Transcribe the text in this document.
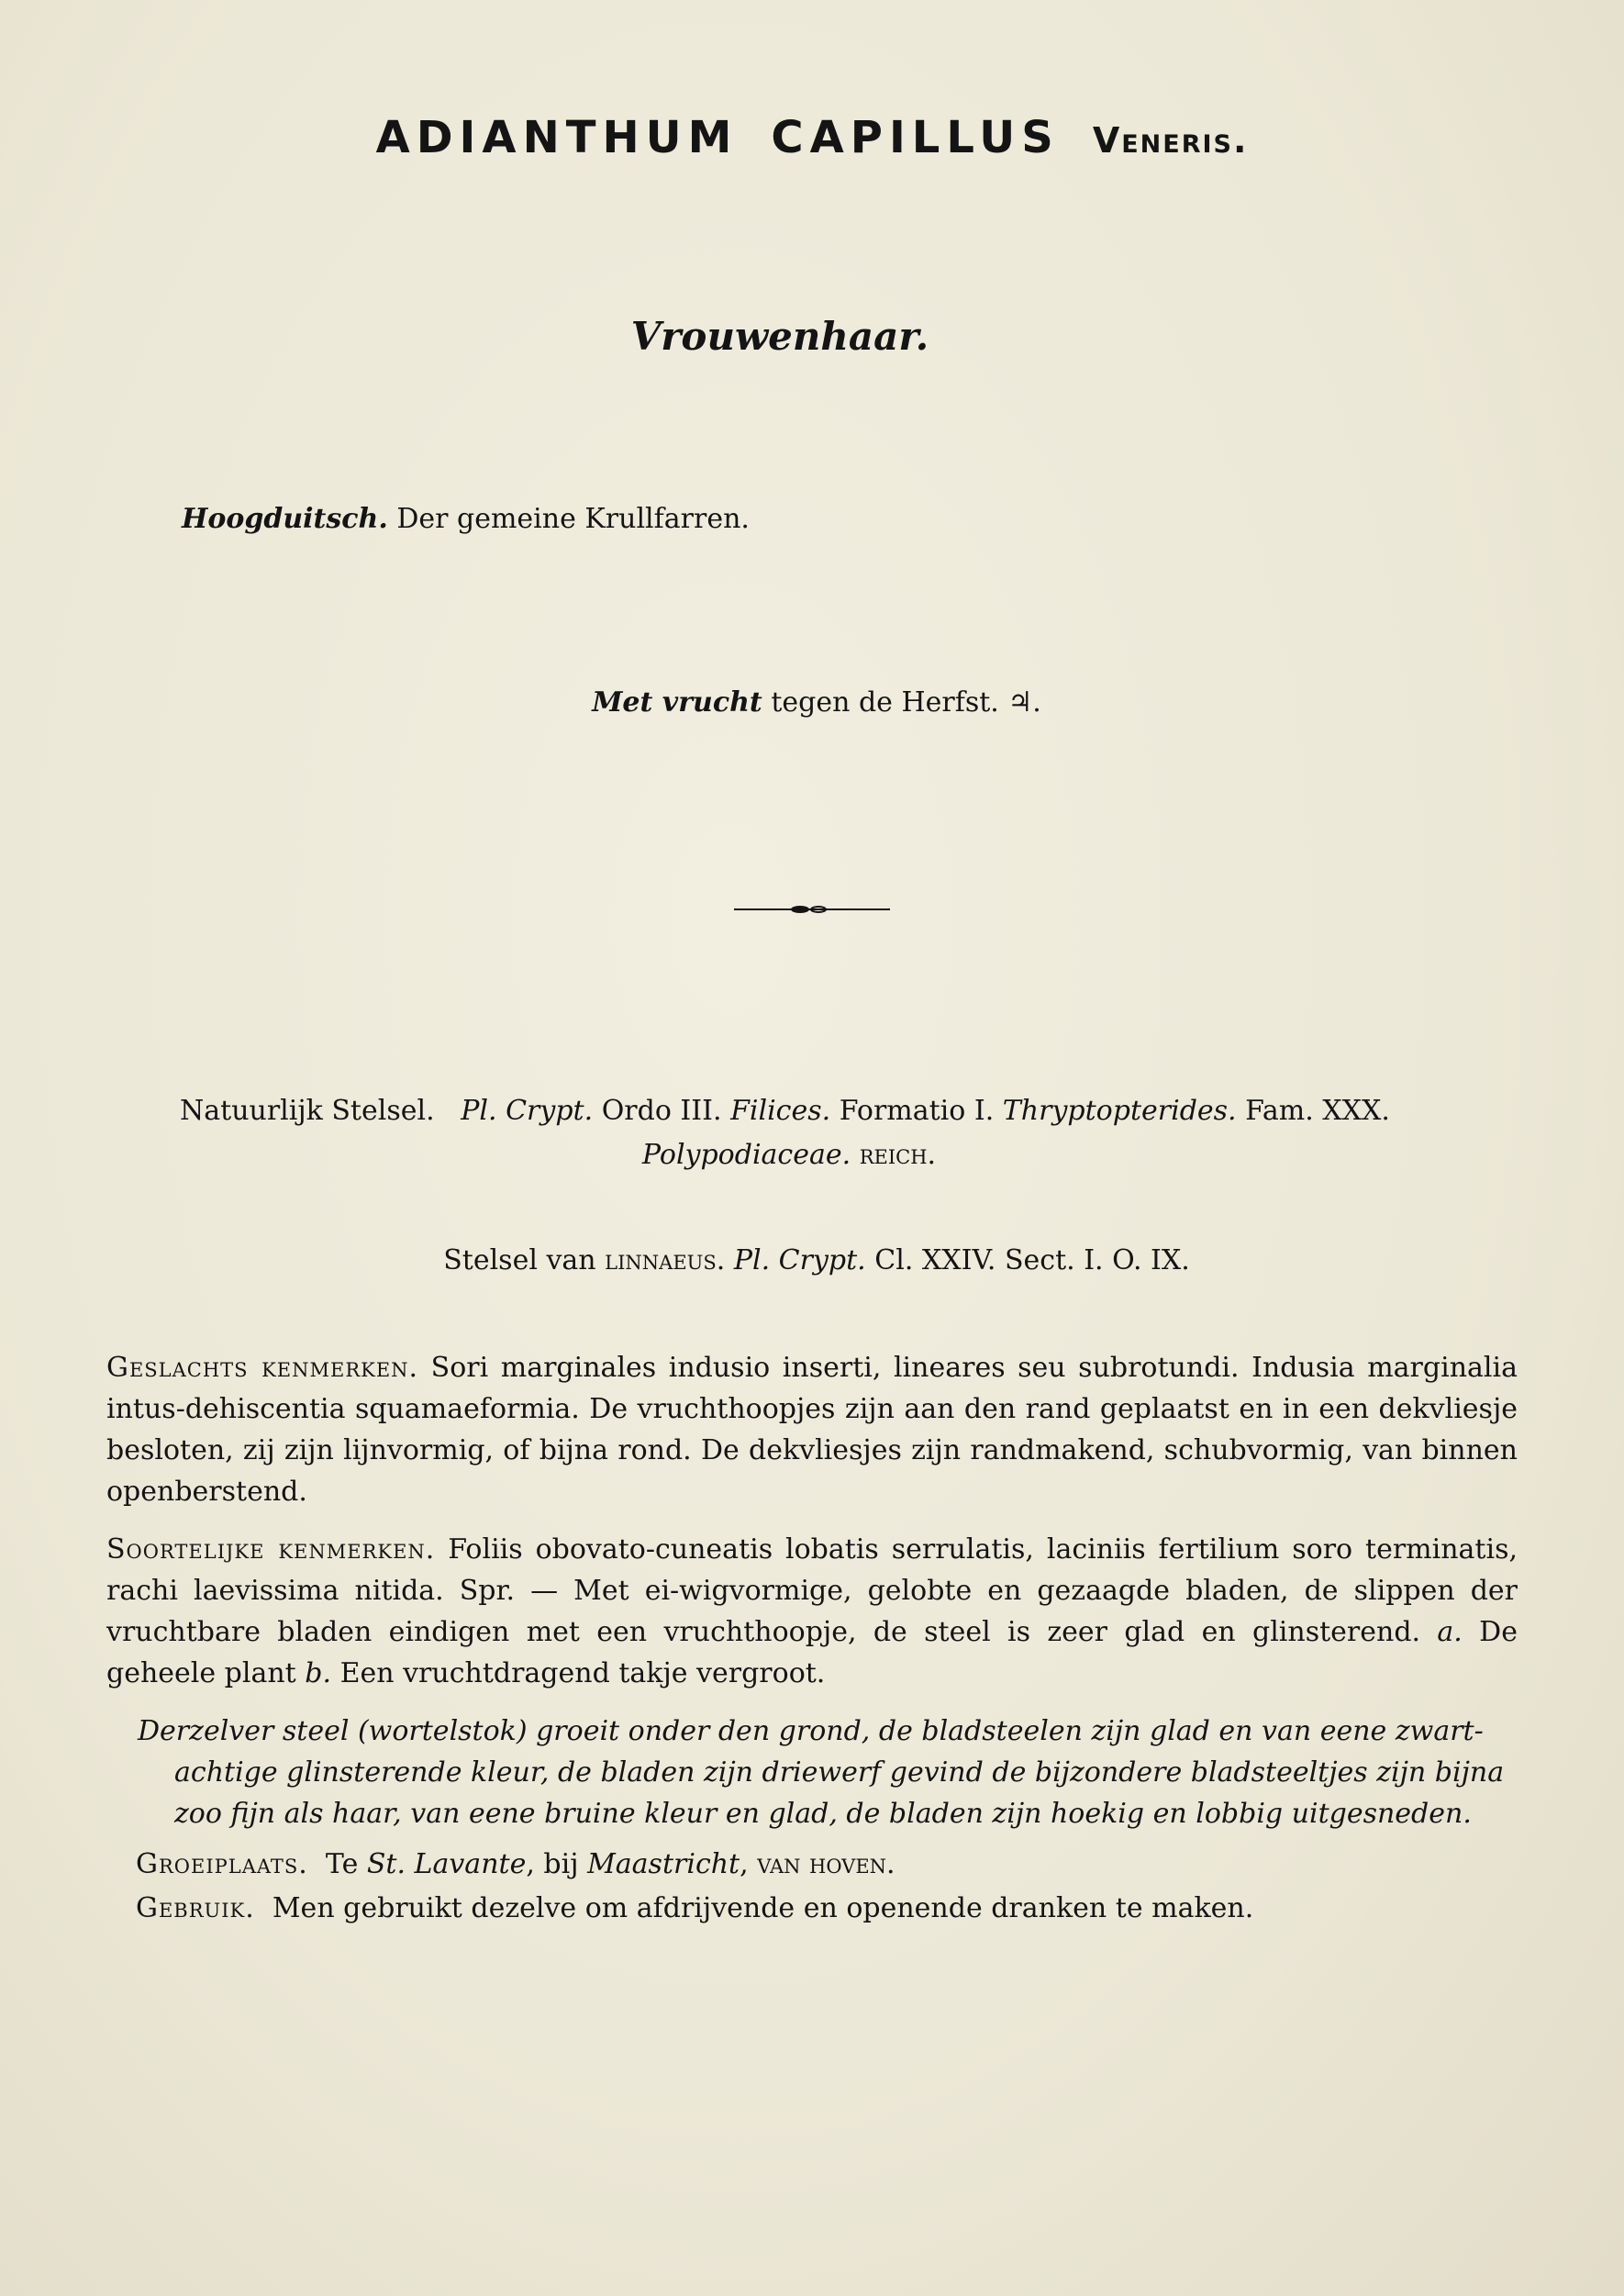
ADIANTHUM CAPILLUS Veneris.
Vrouwenhaar.
Hoogduitsch. Der gemeine Krullfarren.
Met vrucht tegen de Herfst. ♃.
Natuurlijk Stelsel. Pl. Crypt. Ordo III. Filices. Formatio I. Thryptopterides. Fam. XXX.
Polypodiaceae. reich.
Stelsel van linnaeus. Pl. Crypt. Cl. XXIV. Sect. I. O. IX.

Geslachts kenmerken. Sori marginales indusio inserti, lineares seu subrotundi. Indusia marginalia intus-dehiscentia squamaeformia. De vruchthoopjes zijn aan den rand geplaatst en in een dekvliesje besloten, zij zijn lijnvormig, of bijna rond. De dekvliesjes zijn randmakend, schubvormig, van binnen openberstend.

Soortelijke kenmerken. Foliis obovato-cuneatis lobatis serrulatis, laciniis fertilium soro terminatis, rachi laevissima nitida. Spr. — Met ei-wigvormige, gelobte en gezaagde bladen, de slippen der vruchtbare bladen eindigen met een vruchthoopje, de steel is zeer glad en glinsterend. a. De geheele plant b. Een vruchtdragend takje vergroot.

Derzelver steel (wortelstok) groeit onder den grond, de bladsteelen zijn glad en van eene zwart-
achtige glinsterende kleur, de bladen zijn driewerf gevind de bijzondere bladsteeltjes zijn bijna
zoo fijn als haar, van eene bruine kleur en glad, de bladen zijn hoekig en lobbig uitgesneden.
Groeiplaats. Te St. Lavante, bij Maastricht, van hoven.
Gebruik. Men gebruikt dezelve om afdrijvende en openende dranken te maken.
